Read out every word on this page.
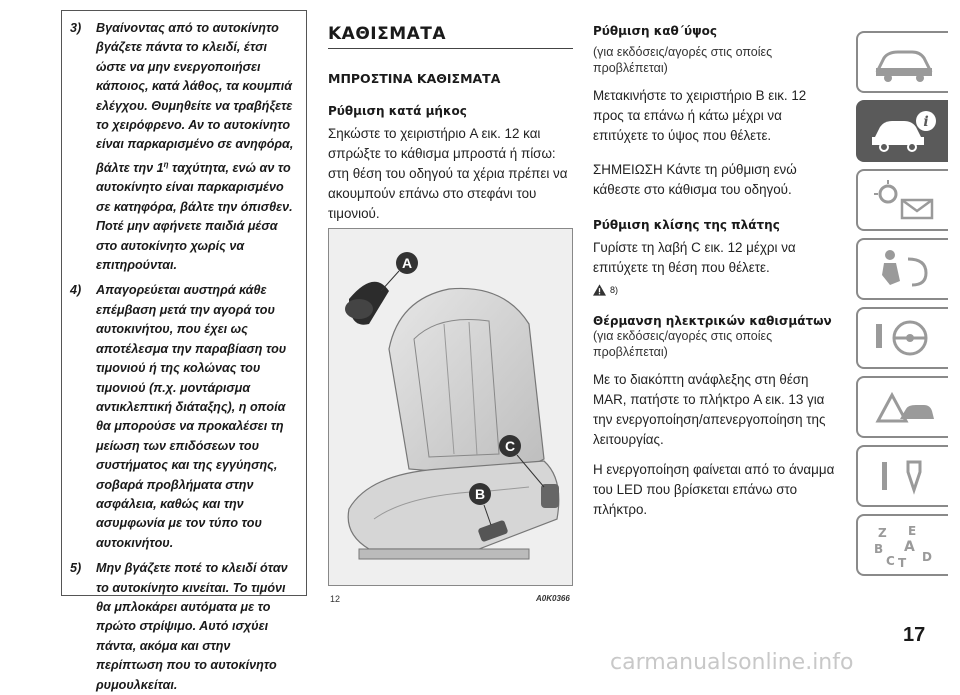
3) Βγαίνοντας από το αυτοκίνητο βγάζετε πάντα το κλειδί, έτσι ώστε να μην ενεργοποιήσει κάποιος, κατά λάθος, τα κουμπιά ελέγχου. Θυμηθείτε να τραβήξετε το χειρόφρενο. Αν το αυτοκίνητο είναι παρκαρισμένο σε ανηφόρα, βάλτε την $1^\eta$ ταχύτητα, ενώ αν το αυτοκίνητο είναι παρκαρισμένο σε κατηφόρα, βάλτε την όπισθεν. Ποτέ μην αφήνετε παιδιά μέσα στο αυτοκίνητο χωρίς να επιτηρούνται.

4) Απαγορεύεται αυστηρά κάθε επέμβαση μετά την αγορά του αυτοκινήτου, που έχει ως αποτέλεσμα την παραβίαση του τιμονιού ή της κολώνας του τιμονιού (π.χ. μοντάρισμα αντικλεπτική διάταξης), η οποία θα μπορούσε να προκαλέσει τη μείωση των επιδόσεων του συστήματος και της εγγύησης, σοβαρά προβλήματα στην ασφάλεια, καθώς και την ασυμφωνία με τον τύπο του αυτοκινήτου.

5) Μην βγάζετε ποτέ το κλειδί όταν το αυτοκίνητο κινείται. Το τιμόνι θα μπλοκάρει αυτόματα με το πρώτο στρίψιμο. Αυτό ισχύει πάντα, ακόμα και στην περίπτωση που το αυτοκίνητο ρυμουλκείται.

ΚΑΘΙΣΜΑΤΑ
ΜΠΡΟΣΤΙΝΑ ΚΑΘΙΣΜΑΤΑ
Ρύθμιση κατά μήκος

Σηκώστε το χειριστήριο A εικ. 12 και σπρώξτε το κάθισμα μπροστά ή πίσω: στη θέση του οδηγού τα χέρια πρέπει να ακουμπούν επάνω στο στεφάνι του τιμονιού.

A
B
C
12	A0K0366
Ρύθμιση καθ΄ύψος

(για εκδόσεις/αγορές στις οποίες προβλέπεται)

Μετακινήστε το χειριστήριο B εικ. 12 προς τα επάνω ή κάτω μέχρι να επιτύχετε το ύψος που θέλετε.

ΣΗΜΕΙΩΣΗ Κάντε τη ρύθμιση ενώ κάθεστε στο κάθισμα του οδηγού.

Ρύθμιση κλίσης της πλάτης

Γυρίστε τη λαβή C εικ. 12 μέχρι να επιτύχετε τη θέση που θέλετε.

8)
Θέρμανση ηλεκτρικών καθισμάτων

(για εκδόσεις/αγορές στις οποίες προβλέπεται)

Με το διακόπτη ανάφλεξης στη θέση MAR, πατήστε το πλήκτρο A εικ. 13 για την ενεργοποίηση/απενεργοποίηση της λειτουργίας.

Η ενεργοποίηση φαίνεται από το άναμμα του LED που βρίσκεται επάνω στο πλήκτρο.

i
Z E
B A
C T D
17
carmanualsonline.info
